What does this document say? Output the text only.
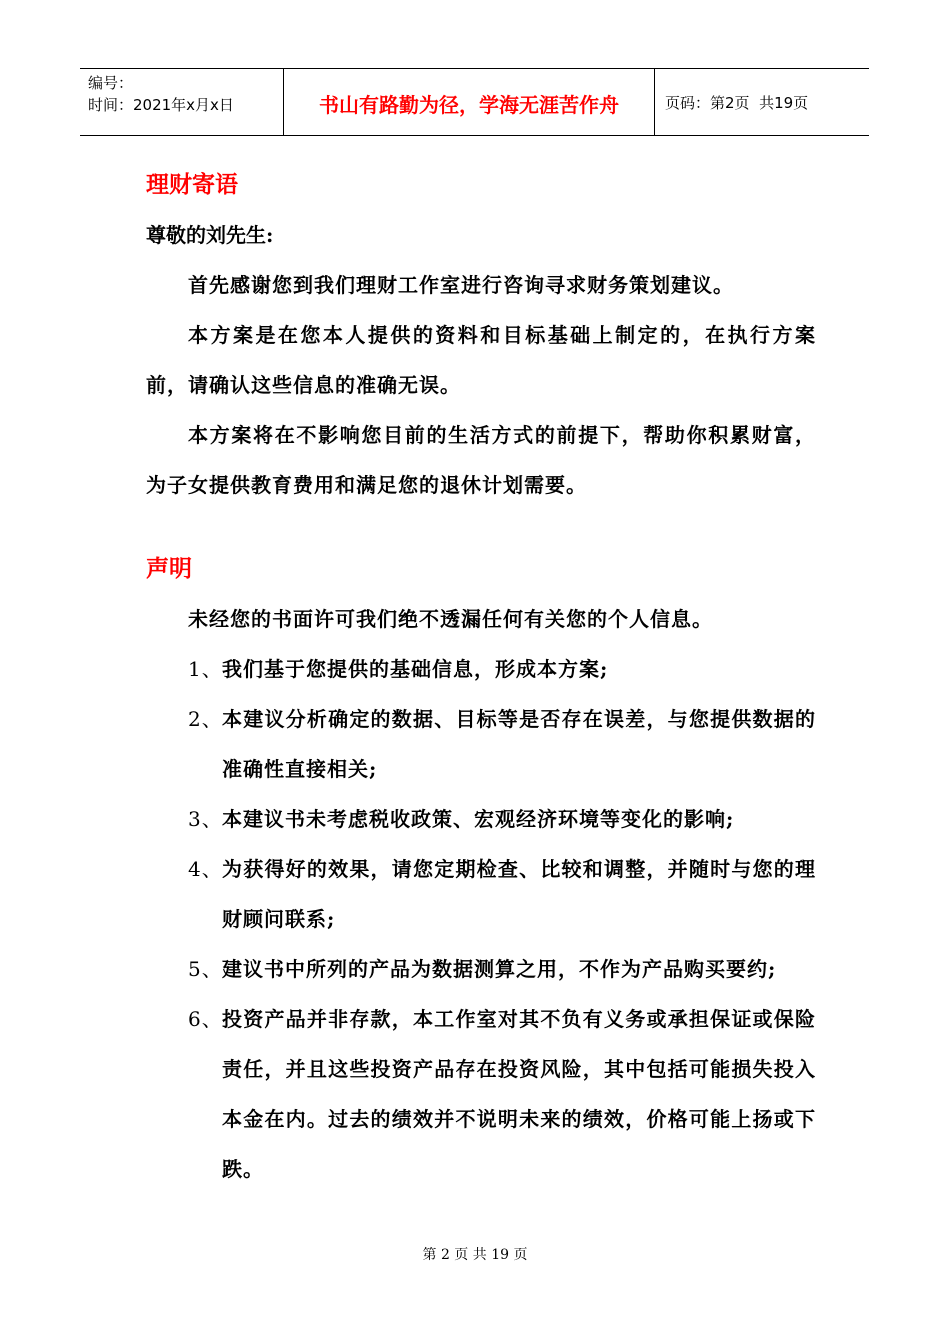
编号：
时间：2021年x月x日	书山有路勤为径，学海无涯苦作舟	页码：第2页  共19页
理财寄语

尊敬的刘先生:

首先感谢您到我们理财工作室进行咨询寻求财务策划建议。

本方案是在您本人提供的资料和目标基础上制定的，在执行方案前，请确认这些信息的准确无误。

本方案将在不影响您目前的生活方式的前提下，帮助你积累财富，为子女提供教育费用和满足您的退休计划需要。

声明

未经您的书面许可我们绝不透漏任何有关您的个人信息。

1、 我们基于您提供的基础信息，形成本方案;
2、 本建议分析确定的数据、目标等是否存在误差，与您提供数据的准确性直接相关;
3、 本建议书未考虑税收政策、宏观经济环境等变化的影响;
4、 为获得好的效果，请您定期检查、比较和调整，并随时与您的理财顾问联系;
5、 建议书中所列的产品为数据测算之用，不作为产品购买要约;
6、 投资产品并非存款，本工作室对其不负有义务或承担保证或保险责任，并且这些投资产品存在投资风险，其中包括可能损失投入本金在内。过去的绩效并不说明未来的绩效，价格可能上扬或下跌。
第 2 页 共 19 页
